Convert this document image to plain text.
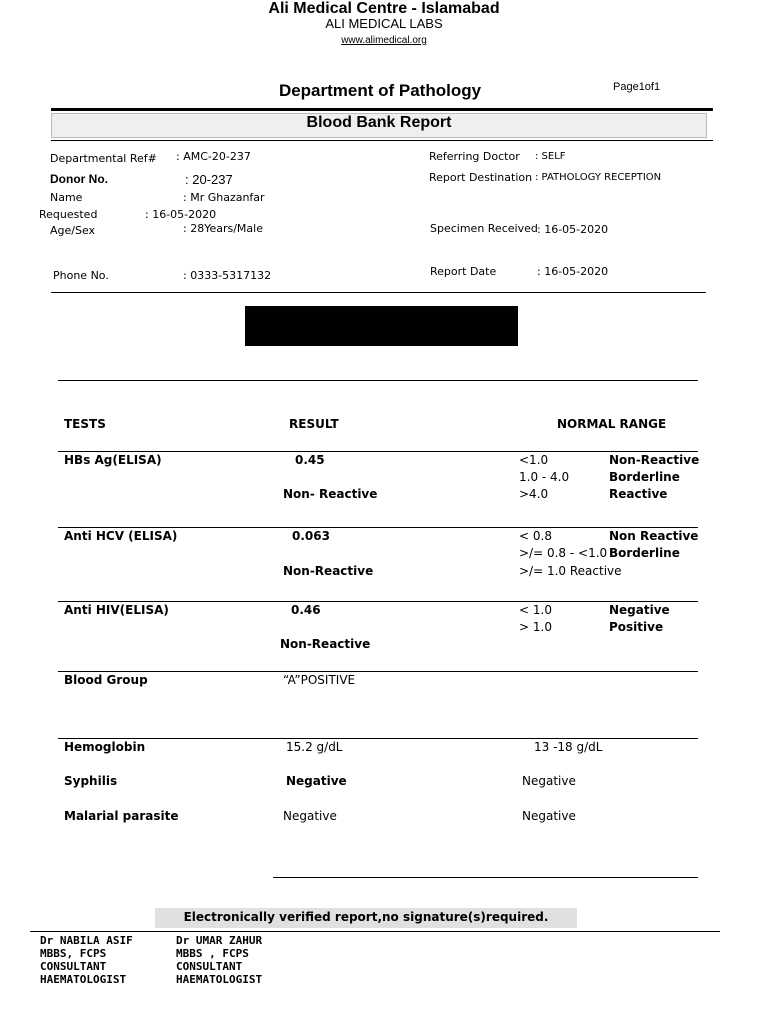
Ali Medical Centre - Islamabad
ALI MEDICAL LABS
www.alimedical.org
Department of Pathology	Page1of1
Blood Bank Report
Departmental Ref# : AMC-20-237
Donor No.	: 20-237
Name	: Mr Ghazanfar
Requested	: 16-05-2020
Age/Sex	: 28Years/Male
Phone No.	: 0333-5317132
Referring Doctor : SELF
Report Destination : PATHOLOGY RECEPTION
Specimen Received : 16-05-2020
Report Date	: 16-05-2020
TESTS	RESULT	NORMAL RANGE
HBs Ag(ELISA)	0.45
Non- Reactive
<1.0	Non-Reactive
1.0 - 4.0	Borderline
>4.0	Reactive
Anti HCV (ELISA)	0.063
Non-Reactive
< 0.8	Non Reactive
>/= 0.8 - <1.0 Borderline
>/= 1.0 Reactive
Anti HIV(ELISA)	0.46
Non-Reactive
< 1.0	Negative
> 1.0	Positive
Blood Group	“A”POSITIVE
Hemoglobin	15.2 g/dL	13 -18 g/dL
Syphilis	Negative	Negative
Malarial parasite	Negative	Negative
Electronically verified report,no signature(s)required.
Dr NABILA ASIF
MBBS, FCPS
CONSULTANT
HAEMATOLOGIST
Dr UMAR ZAHUR
MBBS , FCPS
CONSULTANT
HAEMATOLOGIST
